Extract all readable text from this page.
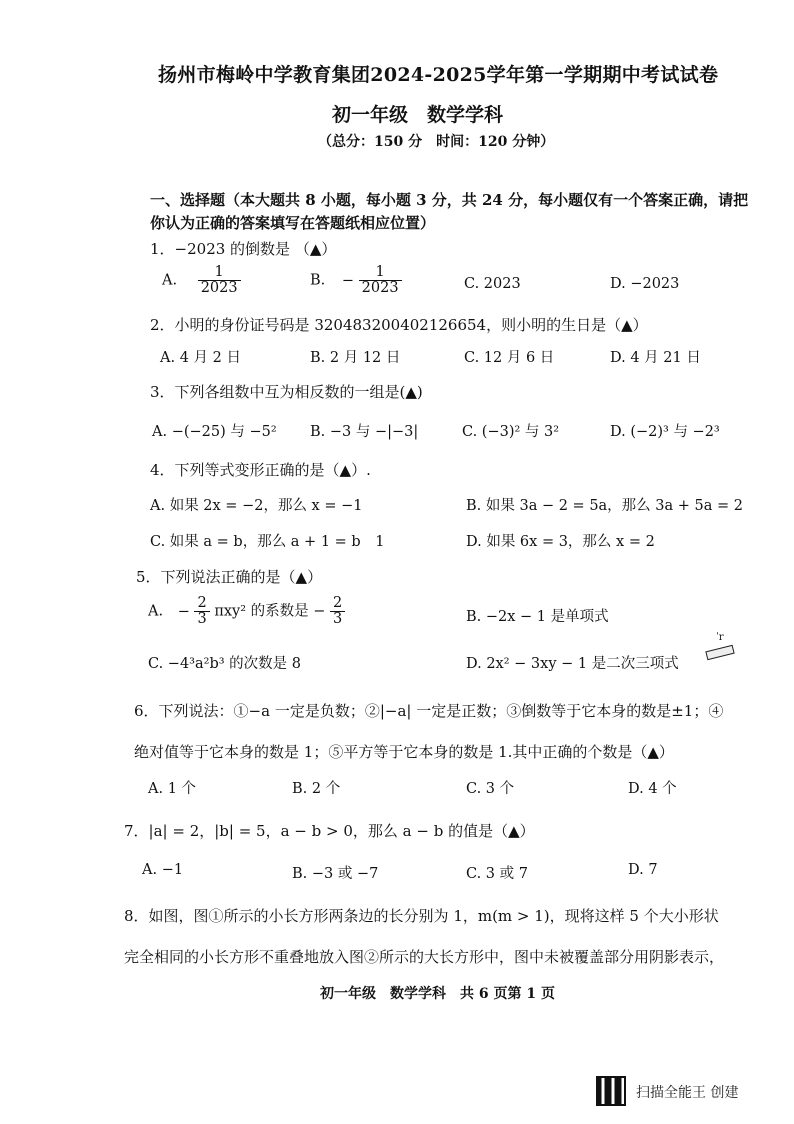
扬州市梅岭中学教育集团2024-2025学年第一学期期中考试试卷
初一年级　数学学科
（总分：150 分　时间：120 分钟）
一、选择题（本大题共 8 小题，每小题 3 分，共 24 分，每小题仅有一个答案正确，请把
你认为正确的答案填写在答题纸相应位置）
1．−2023 的倒数是 （▲）
A. $\frac{1}{2023}$	B. − $\frac{1}{2023}$	C. 2023	D. −2023
2．小明的身份证号码是 320483200402126654，则小明的生日是（▲）
A. 4 月 2 日	B. 2 月 12 日	C. 12 月 6 日	D. 4 月 21 日
3．下列各组数中互为相反数的一组是(▲)
A. −(−25) 与 −5² B. −3 与 −|−3|	C. (−3)² 与 3²	D. (−2)³ 与 −2³
4．下列等式变形正确的是（▲）.
A. 如果 2x = −2，那么 x = −1	B. 如果 3a − 2 = 5a，那么 3a + 5a = 2
C. 如果 a = b，那么 a + 1 = b　1	D. 如果 6x = 3，那么 x = 2
5．下列说法正确的是（▲）
A. − $\frac{2}{3} \pi xy^2$ 的系数是 − $\frac{2}{3}$	B. −2x − 1 是单项式
C. −4³a²b³ 的次数是 8	D. 2x² − 3xy − 1 是二次三项式
ˈr
6．下列说法：①−a 一定是负数；②|−a| 一定是正数；③倒数等于它本身的数是±1；④
绝对值等于它本身的数是 1；⑤平方等于它本身的数是 1.其中正确的个数是（▲）
A. 1 个	B. 2 个	C. 3 个	D. 4 个
7．|a| = 2，|b| = 5，a − b > 0，那么 a − b 的值是（▲）
A. −1	B. −3 或 −7	C. 3 或 7	D. 7
8．如图，图①所示的小长方形两条边的长分别为 1，m(m > 1)，现将这样 5 个大小形状
完全相同的小长方形不重叠地放入图②所示的大长方形中，图中未被覆盖部分用阴影表示，
初一年级　数学学科　共 6 页第 1 页
扫描全能王 创建
